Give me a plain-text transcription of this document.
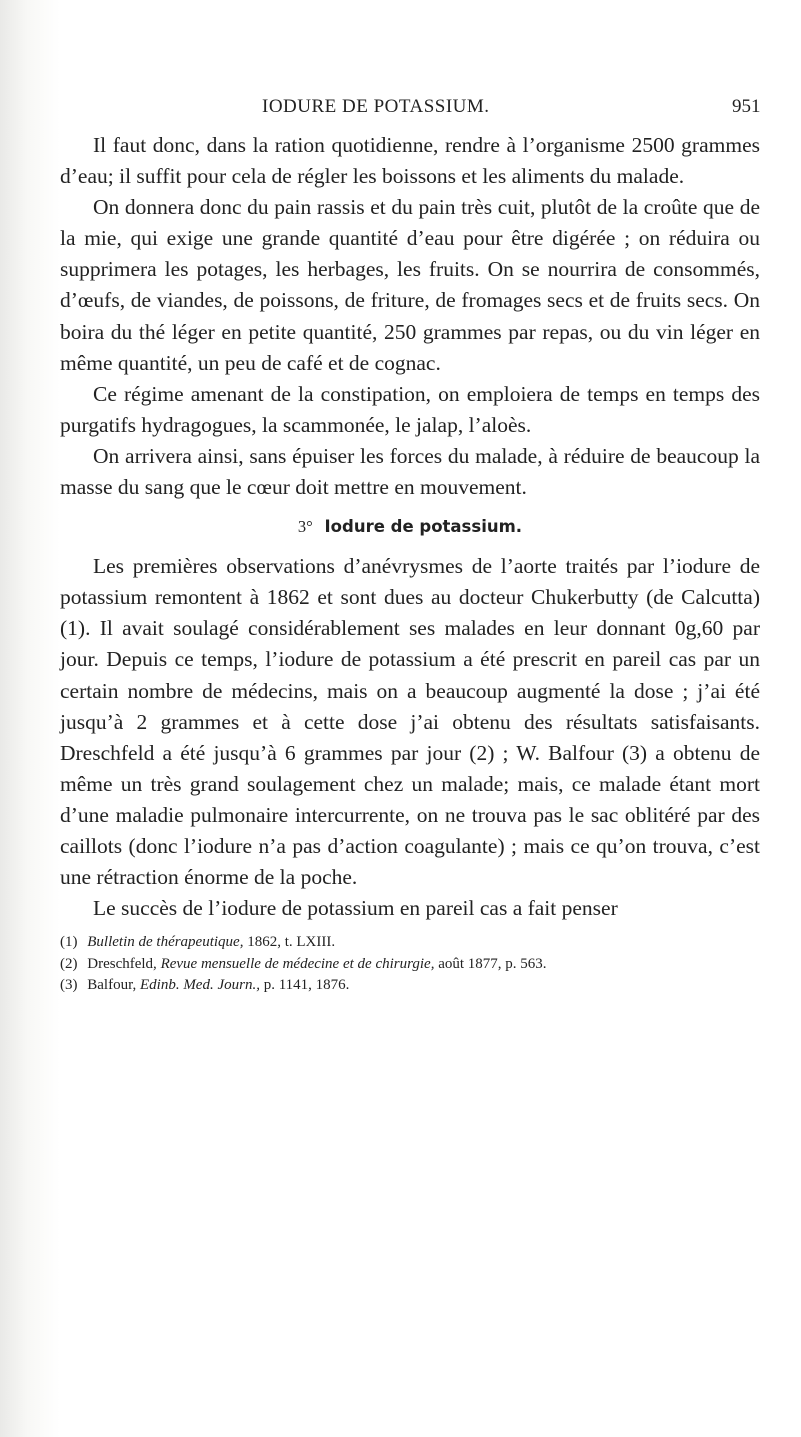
IODURE DE POTASSIUM.	951

Il faut donc, dans la ration quotidienne, rendre à l’organisme 2500 grammes d’eau; il suffit pour cela de régler les boissons et les aliments du malade.

On donnera donc du pain rassis et du pain très cuit, plutôt de la croûte que de la mie, qui exige une grande quantité d’eau pour être digérée ; on réduira ou supprimera les potages, les herbages, les fruits. On se nourrira de consommés, d’œufs, de viandes, de poissons, de friture, de fromages secs et de fruits secs. On boira du thé léger en petite quantité, 250 grammes par repas, ou du vin léger en même quantité, un peu de café et de cognac.

Ce régime amenant de la constipation, on emploiera de temps en temps des purgatifs hydragogues, la scammonée, le jalap, l’aloès.

On arrivera ainsi, sans épuiser les forces du malade, à réduire de beaucoup la masse du sang que le cœur doit mettre en mouvement.

3° Iodure de potassium.

Les premières observations d’anévrysmes de l’aorte traités par l’iodure de potassium remontent à 1862 et sont dues au docteur Chukerbutty (de Calcutta) (1). Il avait soulagé considérablement ses malades en leur donnant 0g,60 par jour. Depuis ce temps, l’iodure de potassium a été prescrit en pareil cas par un certain nombre de médecins, mais on a beaucoup augmenté la dose ; j’ai été jusqu’à 2 grammes et à cette dose j’ai obtenu des résultats satisfaisants. Dreschfeld a été jusqu’à 6 grammes par jour (2) ; W. Balfour (3) a obtenu de même un très grand soulagement chez un malade; mais, ce malade étant mort d’une maladie pulmonaire intercurrente, on ne trouva pas le sac oblitéré par des caillots (donc l’iodure n’a pas d’action coagulante) ; mais ce qu’on trouva, c’est une rétraction énorme de la poche.

Le succès de l’iodure de potassium en pareil cas a fait penser

(1) Bulletin de thérapeutique, 1862, t. LXIII.

(2) Dreschfeld, Revue mensuelle de médecine et de chirurgie, août 1877, p. 563.

(3) Balfour, Edinb. Med. Journ., p. 1141, 1876.
